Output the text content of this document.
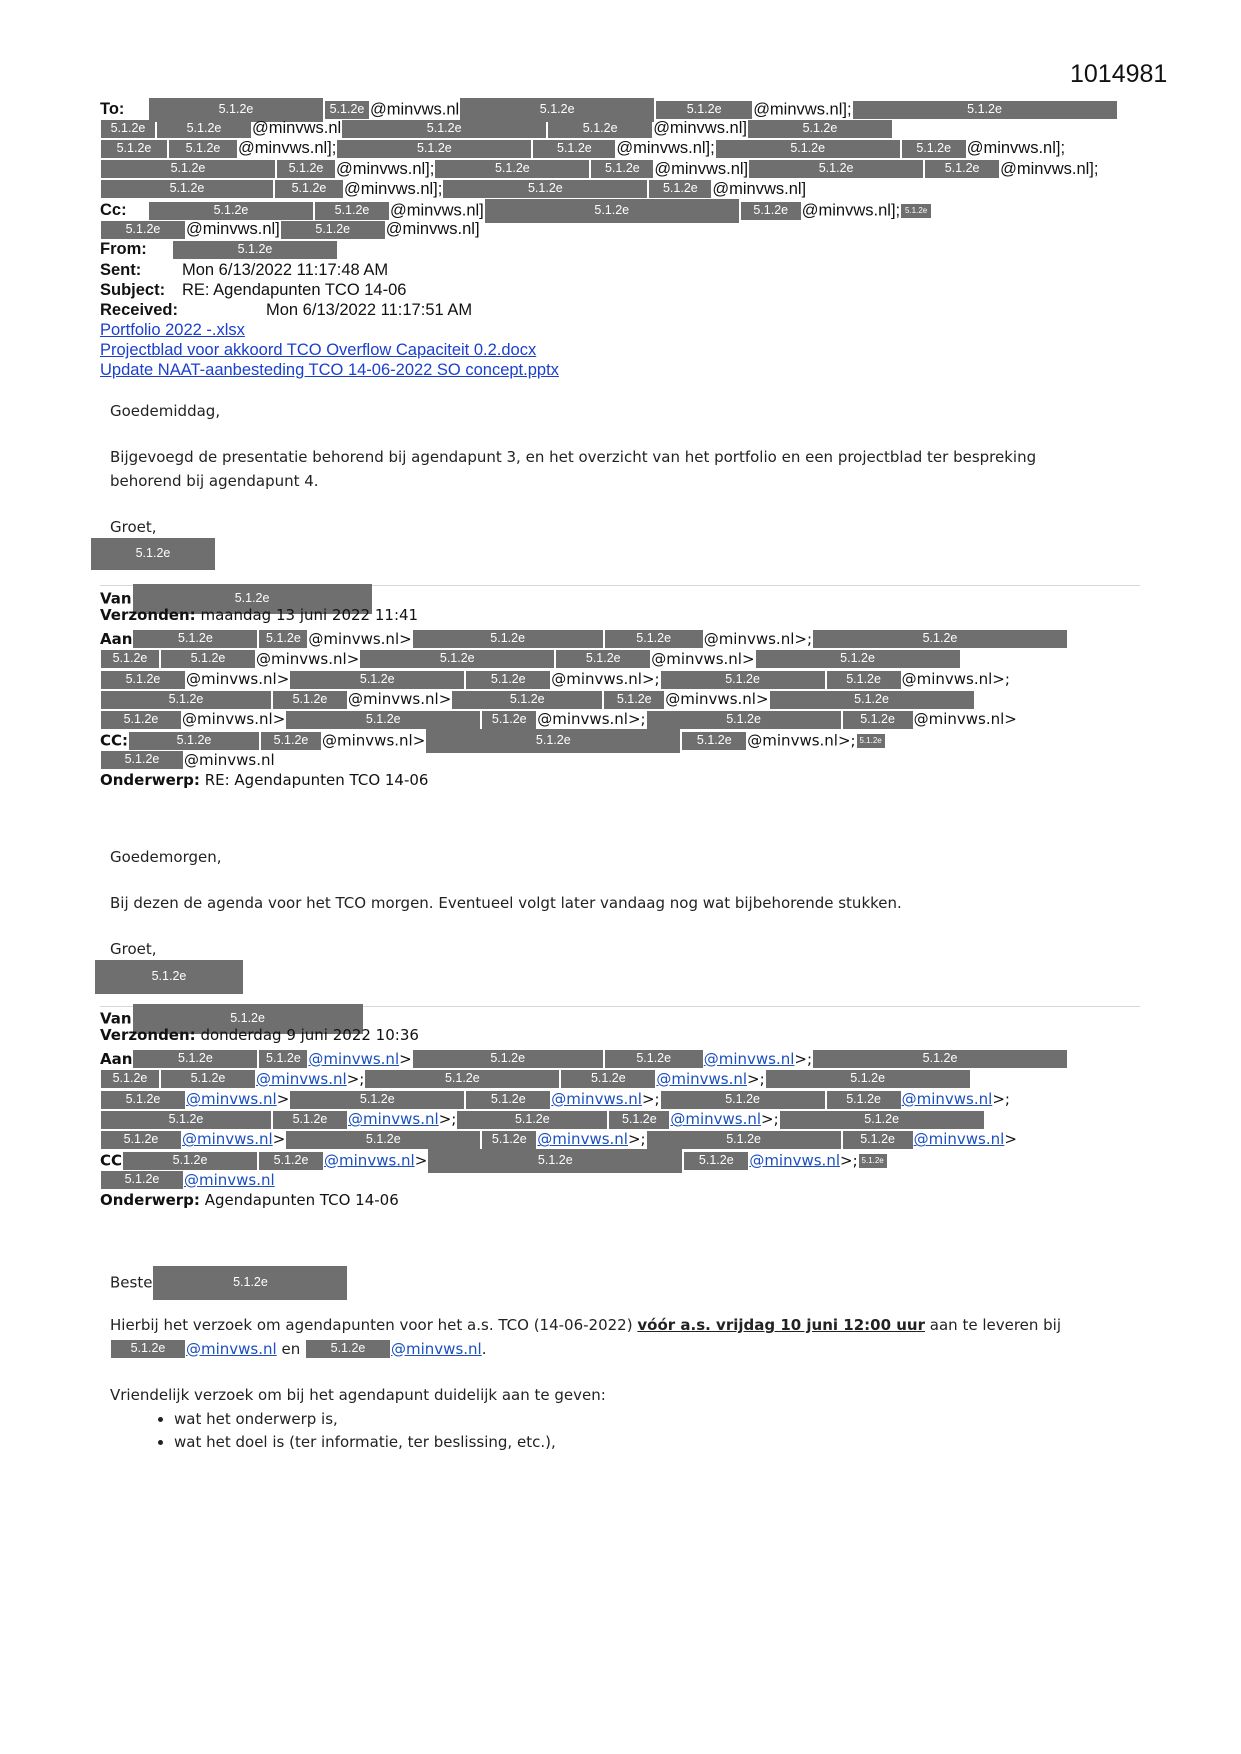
1014981
To:	5.1.2e	5.1.2e @minvws.nl	5.1.2e	5.1.2e @minvws.nl];	5.1.2e
5.1.2e	5.1.2e @minvws.nl	5.1.2e	5.1.2e @minvws.nl]	5.1.2e
5.1.2e	5.1.2e @minvws.nl];	5.1.2e	5.1.2e @minvws.nl];	5.1.2e	5.1.2e @minvws.nl];
5.1.2e	5.1.2e @minvws.nl];	5.1.2e	5.1.2e @minvws.nl]	5.1.2e	5.1.2e @minvws.nl];
5.1.2e	5.1.2e @minvws.nl];	5.1.2e	5.1.2e @minvws.nl]
Cc:	5.1.2e	5.1.2e @minvws.nl]	5.1.2e	5.1.2e @minvws.nl]; 5.1.2e
5.1.2e @minvws.nl]	5.1.2e @minvws.nl]
From:	5.1.2e
Sent: Mon 6/13/2022 11:17:48 AM
Subject: RE: Agendapunten TCO 14-06
Received:	Mon 6/13/2022 11:17:51 AM
Portfolio 2022 -.xlsx
Projectblad voor akkoord TCO Overflow Capaciteit 0.2.docx
Update NAAT-aanbesteding TCO 14-06-2022 SO concept.pptx
Goedemiddag,
Bijgevoegd de presentatie behorend bij agendapunt 3, en het overzicht van het portfolio en een projectblad ter bespreking behorend bij agendapunt 4.
Groet,
5.1.2e
Van	5.1.2e
Verzonden: maandag 13 juni 2022 11:41
Aan	5.1.2e	5.1.2e @minvws.nl>	5.1.2e	5.1.2e @minvws.nl>;	5.1.2e
5.1.2e	5.1.2e @minvws.nl>	5.1.2e	5.1.2e @minvws.nl>	5.1.2e
5.1.2e @minvws.nl>	5.1.2e	5.1.2e @minvws.nl>;	5.1.2e	5.1.2e @minvws.nl>;
5.1.2e	5.1.2e @minvws.nl>	5.1.2e	5.1.2e @minvws.nl>	5.1.2e
5.1.2e @minvws.nl>	5.1.2e	5.1.2e @minvws.nl>;	5.1.2e	5.1.2e @minvws.nl>
CC:	5.1.2e	5.1.2e @minvws.nl>	5.1.2e	5.1.2e @minvws.nl>; 5.1.2e
5.1.2e @minvws.nl
Onderwerp: RE: Agendapunten TCO 14-06
Goedemorgen,
Bij dezen de agenda voor het TCO morgen. Eventueel volgt later vandaag nog wat bijbehorende stukken.
Groet,
5.1.2e
Van	5.1.2e
Verzonden: donderdag 9 juni 2022 10:36
Aan	5.1.2e	5.1.2e @minvws.nl>	5.1.2e	5.1.2e @minvws.nl>;	5.1.2e
5.1.2e	5.1.2e @minvws.nl>;	5.1.2e	5.1.2e @minvws.nl>;	5.1.2e
5.1.2e @minvws.nl>	5.1.2e	5.1.2e @minvws.nl>;	5.1.2e	5.1.2e @minvws.nl>;
5.1.2e	5.1.2e @minvws.nl>;	5.1.2e	5.1.2e @minvws.nl>;	5.1.2e
5.1.2e @minvws.nl>	5.1.2e	5.1.2e @minvws.nl>;	5.1.2e	5.1.2e @minvws.nl>
CC	5.1.2e	5.1.2e @minvws.nl>	5.1.2e	5.1.2e @minvws.nl>; 5.1.2e
5.1.2e @minvws.nl
Onderwerp: Agendapunten TCO 14-06
Beste	5.1.2e
Hierbij het verzoek om agendapunten voor het a.s. TCO (14-06-2022) vóór a.s. vrijdag 10 juni 12:00 uur aan te leveren bij
5.1.2e @minvws.nl en 5.1.2e @minvws.nl.
Vriendelijk verzoek om bij het agendapunt duidelijk aan te geven:
• wat het onderwerp is,
• wat het doel is (ter informatie, ter beslissing, etc.),
